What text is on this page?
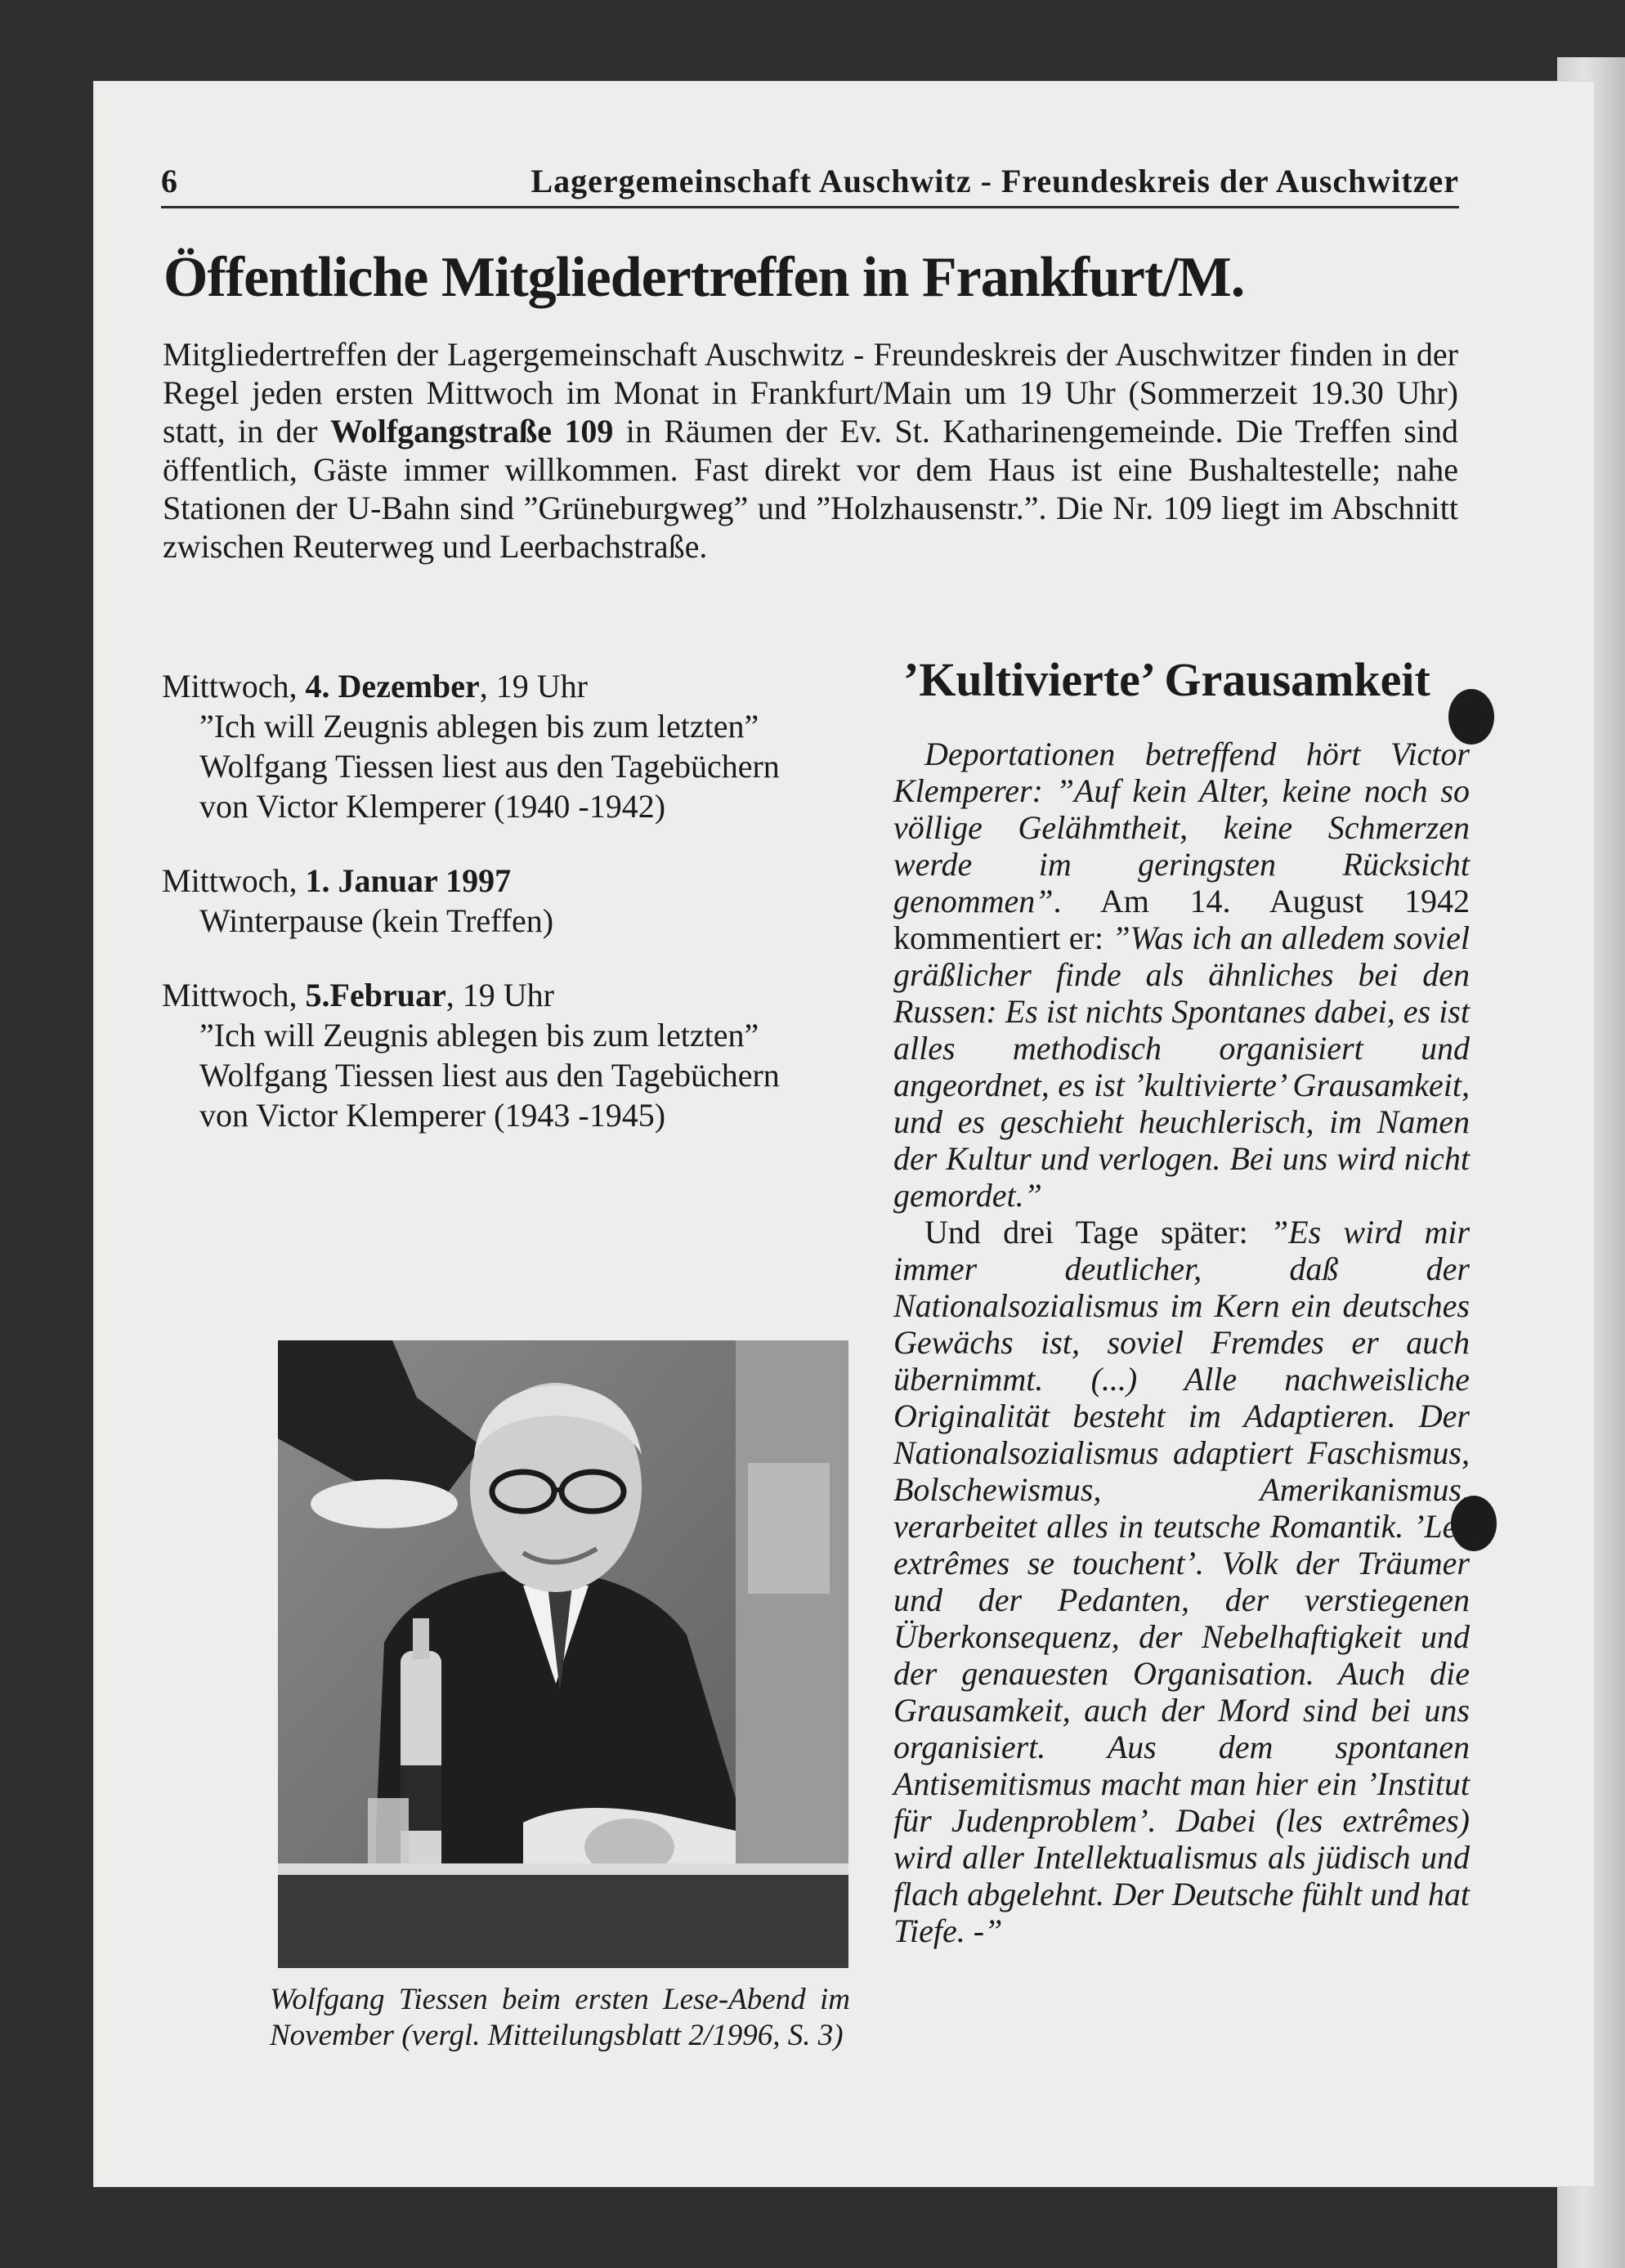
6	Lagergemeinschaft Auschwitz - Freundeskreis der Auschwitzer
Öffentliche Mitgliedertreffen in Frankfurt/M.

Mitgliedertreffen der Lagergemeinschaft Auschwitz - Freundeskreis der Auschwitzer finden in der Regel jeden ersten Mittwoch im Monat in Frankfurt/Main um 19 Uhr (Sommerzeit 19.30 Uhr) statt, in der Wolfgangstraße 109 in Räumen der Ev. St. Katharinengemeinde. Die Treffen sind öffentlich, Gäste immer willkommen. Fast direkt vor dem Haus ist eine Bushaltestelle; nahe Stationen der U-Bahn sind ”Grüneburgweg” und ”Holzhausenstr.”. Die Nr. 109 liegt im Abschnitt zwischen Reuterweg und Leerbachstraße.

Mittwoch, 4. Dezember, 19 Uhr
”Ich will Zeugnis ablegen bis zum letzten”
Wolfgang Tiessen liest aus den Tagebüchern von Victor Klemperer (1940 -1942)
Mittwoch, 1. Januar 1997
Winterpause (kein Treffen)
Mittwoch, 5.Februar, 19 Uhr
”Ich will Zeugnis ablegen bis zum letzten”
Wolfgang Tiessen liest aus den Tagebüchern von Victor Klemperer (1943 -1945)

Wolfgang Tiessen beim ersten Lese-Abend im November (vergl. Mitteilungsblatt 2/1996, S. 3)

’Kultivierte’ Grausamkeit

Deportationen betreffend hört Victor Klemperer: ”Auf kein Alter, keine noch so völlige Gelähmtheit, keine Schmerzen werde im geringsten Rücksicht genommen”. Am 14. August 1942 kommentiert er: ”Was ich an alledem soviel gräßlicher finde als ähnliches bei den Russen: Es ist nichts Spontanes dabei, es ist alles methodisch organisiert und angeordnet, es ist ’kultivierte’ Grausamkeit, und es geschieht heuchlerisch, im Namen der Kultur und verlogen. Bei uns wird nicht gemordet.”

Und drei Tage später: ”Es wird mir immer deutlicher, daß der Nationalsozialismus im Kern ein deutsches Gewächs ist, soviel Fremdes er auch übernimmt. (...) Alle nachweisliche Originalität besteht im Adaptieren. Der Nationalsozialismus adaptiert Faschismus, Bolschewismus, Amerikanismus, verarbeitet alles in teutsche Romantik. ’Les extrêmes se touchent’. Volk der Träumer und der Pedanten, der verstiegenen Überkonsequenz, der Nebelhaftigkeit und der genauesten Organisation. Auch die Grausamkeit, auch der Mord sind bei uns organisiert. Aus dem spontanen Antisemitismus macht man hier ein ’Institut für Judenproblem’. Dabei (les extrêmes) wird aller Intellektualismus als jüdisch und flach abgelehnt. Der Deutsche fühlt und hat Tiefe. -”
